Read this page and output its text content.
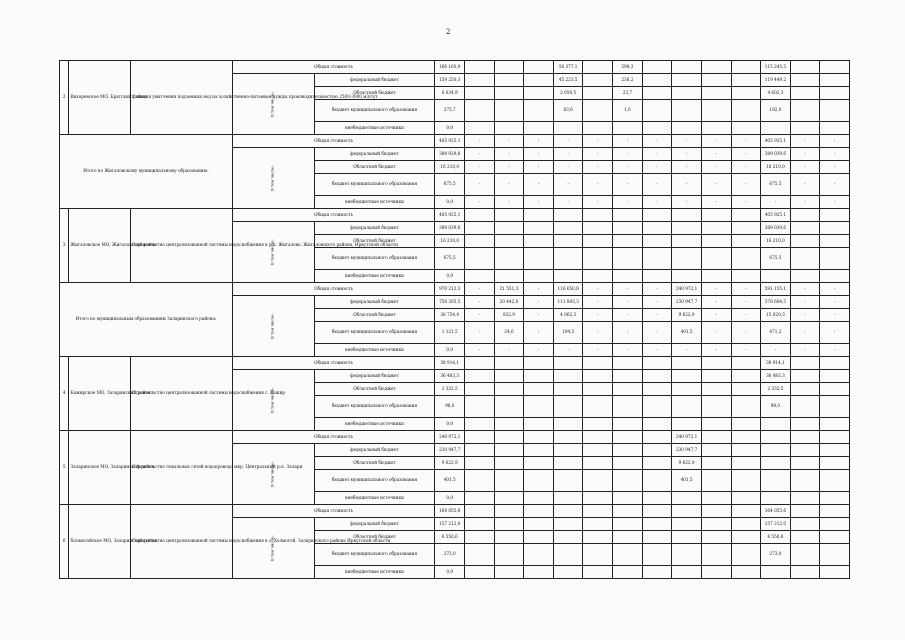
2
2	Вихоревское МО, Братский район	Станция умягчения подземных вод на хозяйственно-питьевые нужды производительностью 2500-3000 м3/сут	Общая стоимость		166 160,9				50 377,1		598,3					115 245,5		
			В том числе:	федеральный бюджет	159 250,3				45 223,5		236,2					119 449,2		
				Областной бюджет	6 634,9				2 059,5		23,7					4 602,3		
				бюджет муниципального образования	275,7				83,6		1,0					192,0		
				внебюджетные источники	0,0													
Итого по Жигаловскому муниципальному образованию:			Общая стоимость		405 925,1	-	-	-	-	-	-	-	-	-	-	405 925,1	-	-
			В том числе:	федеральный бюджет	389 039,6	-	-	-	-	-	-	-	-	-	-	389 039,6	-	-
				Областной бюджет	16 210,0	-	-	-	-	-	-	-	-	-	-	16 210,0	-	-
				бюджет муниципального образования	675,5	-	-	-	-	-	-	-	-	-	-	675,5	-	-
				внебюджетные источники	0,0	-	-	-	-	-	-	-	-	-	-	-	-	-
3	Жигаловское МО, Жигаловский район	Строительство централизованной системы водоснабжения в р.п. Жигалово, Жигаловского района, Иркутской области	Общая стоимость		405 925,1											405 925,1		
			В том числе:	федеральный бюджет	389 039,6											389 039,6		
				Областной бюджет	16 210,0											16 210,0		
				бюджет муниципального образования	675,5											675,5		
				внебюджетные источники	0,0													
Итого по муниципальным образованиям Заларинского района:			Общая стоимость		970 212,3	-	21 551,3	-	116 650,8	-	-	-	240 972,1	-	-	591 155,1	-	-
			В том числе:	федеральный бюджет	758 305,5	-	20 442,0	-	111 843,3	-	-	-	230 947,7	-	-	378 604,5	-	-
				Областной бюджет	36 754,4	-	832,9	-	4 062,3	-	-	-	9 622,9	-	-	15 620,3	-	-
				бюджет муниципального образования	1 121,5	-	24,6	-	194,5	-	-	-	401,5	-	-	471,2	-	-
				внебюджетные источники	0,0	-	-	-	-	-	-	-	-	-	-	-	-	-
4	Бажирское МО, Заларинский район	Строительство централизованной системы водоснабжения с. Бажир	Общая стоимость		38 914,1											38 914,1		
			В том числе:	федеральный бюджет	36 483,3											36 483,3		
				Областной бюджет	2 332,5											2 332,5		
				бюджет муниципального образования	98,0											98,0		
				внебюджетные источники	0,0													
5	Заларинское МО, Заларинский район	Строительство локальных сетей водопровода мкр. Центральный р.п. Залари	Общая стоимость		240 972,1								240 972,1					
			В том числе:	федеральный бюджет	230 947,7								230 947,7					
				Областной бюджет	9 622,9								9 622,9					
				бюджет муниципального образования	401,5								401,5					
				внебюджетные источники	0,0													
6	Холмогойское МО, Заларинский район	Строительство централизованной системы водоснабжения в с. Холмогой, Заларинского района Иркутской области	Общая стоимость		164 055,6											164 055,6		
			В том числе:	федеральный бюджет	157 212,0											157 212,0		
				Областной бюджет	6 550,6											6 550,6		
				бюджет муниципального образования	273,0											273,0		
				внебюджетные источники	0,0													
